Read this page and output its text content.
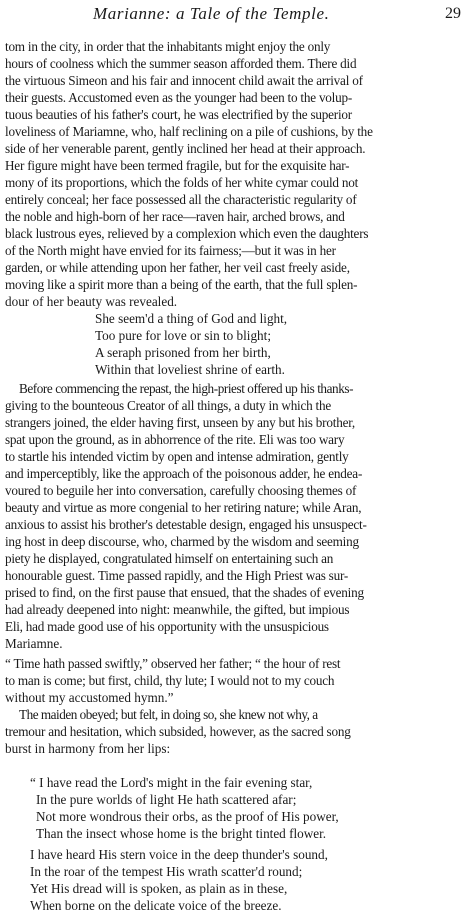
Marianne: a Tale of the Temple.	29
tom in the city, in order that the inhabitants might enjoy the only
hours of coolness which the summer season afforded them. There did
the virtuous Simeon and his fair and innocent child await the arrival of
their guests. Accustomed even as the younger had been to the volup-
tuous beauties of his father's court, he was electrified by the superior
loveliness of Mariamne, who, half reclining on a pile of cushions, by the
side of her venerable parent, gently inclined her head at their approach.
Her figure might have been termed fragile, but for the exquisite har-
mony of its proportions, which the folds of her white cymar could not
entirely conceal; her face possessed all the characteristic regularity of
the noble and high-born of her race—raven hair, arched brows, and
black lustrous eyes, relieved by a complexion which even the daughters
of the North might have envied for its fairness;—but it was in her
garden, or while attending upon her father, her veil cast freely aside,
moving like a spirit more than a being of the earth, that the full splen-
dour of her beauty was revealed.
She seem'd a thing of God and light,
Too pure for love or sin to blight;
A seraph prisoned from her birth,
Within that loveliest shrine of earth.
Before commencing the repast, the high-priest offered up his thanks-
giving to the bounteous Creator of all things, a duty in which the
strangers joined, the elder having first, unseen by any but his brother,
spat upon the ground, as in abhorrence of the rite. Eli was too wary
to startle his intended victim by open and intense admiration, gently
and imperceptibly, like the approach of the poisonous adder, he endea-
voured to beguile her into conversation, carefully choosing themes of
beauty and virtue as more congenial to her retiring nature; while Aran,
anxious to assist his brother's detestable design, engaged his unsuspect-
ing host in deep discourse, who, charmed by the wisdom and seeming
piety he displayed, congratulated himself on entertaining such an
honourable guest. Time passed rapidly, and the High Priest was sur-
prised to find, on the first pause that ensued, that the shades of evening
had already deepened into night: meanwhile, the gifted, but impious
Eli, had made good use of his opportunity with the unsuspicious
Mariamne.
“ Time hath passed swiftly,” observed her father; “ the hour of rest
to man is come; but first, child, thy lute; I would not to my couch
without my accustomed hymn.”
The maiden obeyed; but felt, in doing so, she knew not why, a
tremour and hesitation, which subsided, however, as the sacred song
burst in harmony from her lips:
“ I have read the Lord's might in the fair evening star,
In the pure worlds of light He hath scattered afar;
Not more wondrous their orbs, as the proof of His power,
Than the insect whose home is the bright tinted flower.
I have heard His stern voice in the deep thunder's sound,
In the roar of the tempest His wrath scatter'd round;
Yet His dread will is spoken, as plain as in these,
When borne on the delicate voice of the breeze.
